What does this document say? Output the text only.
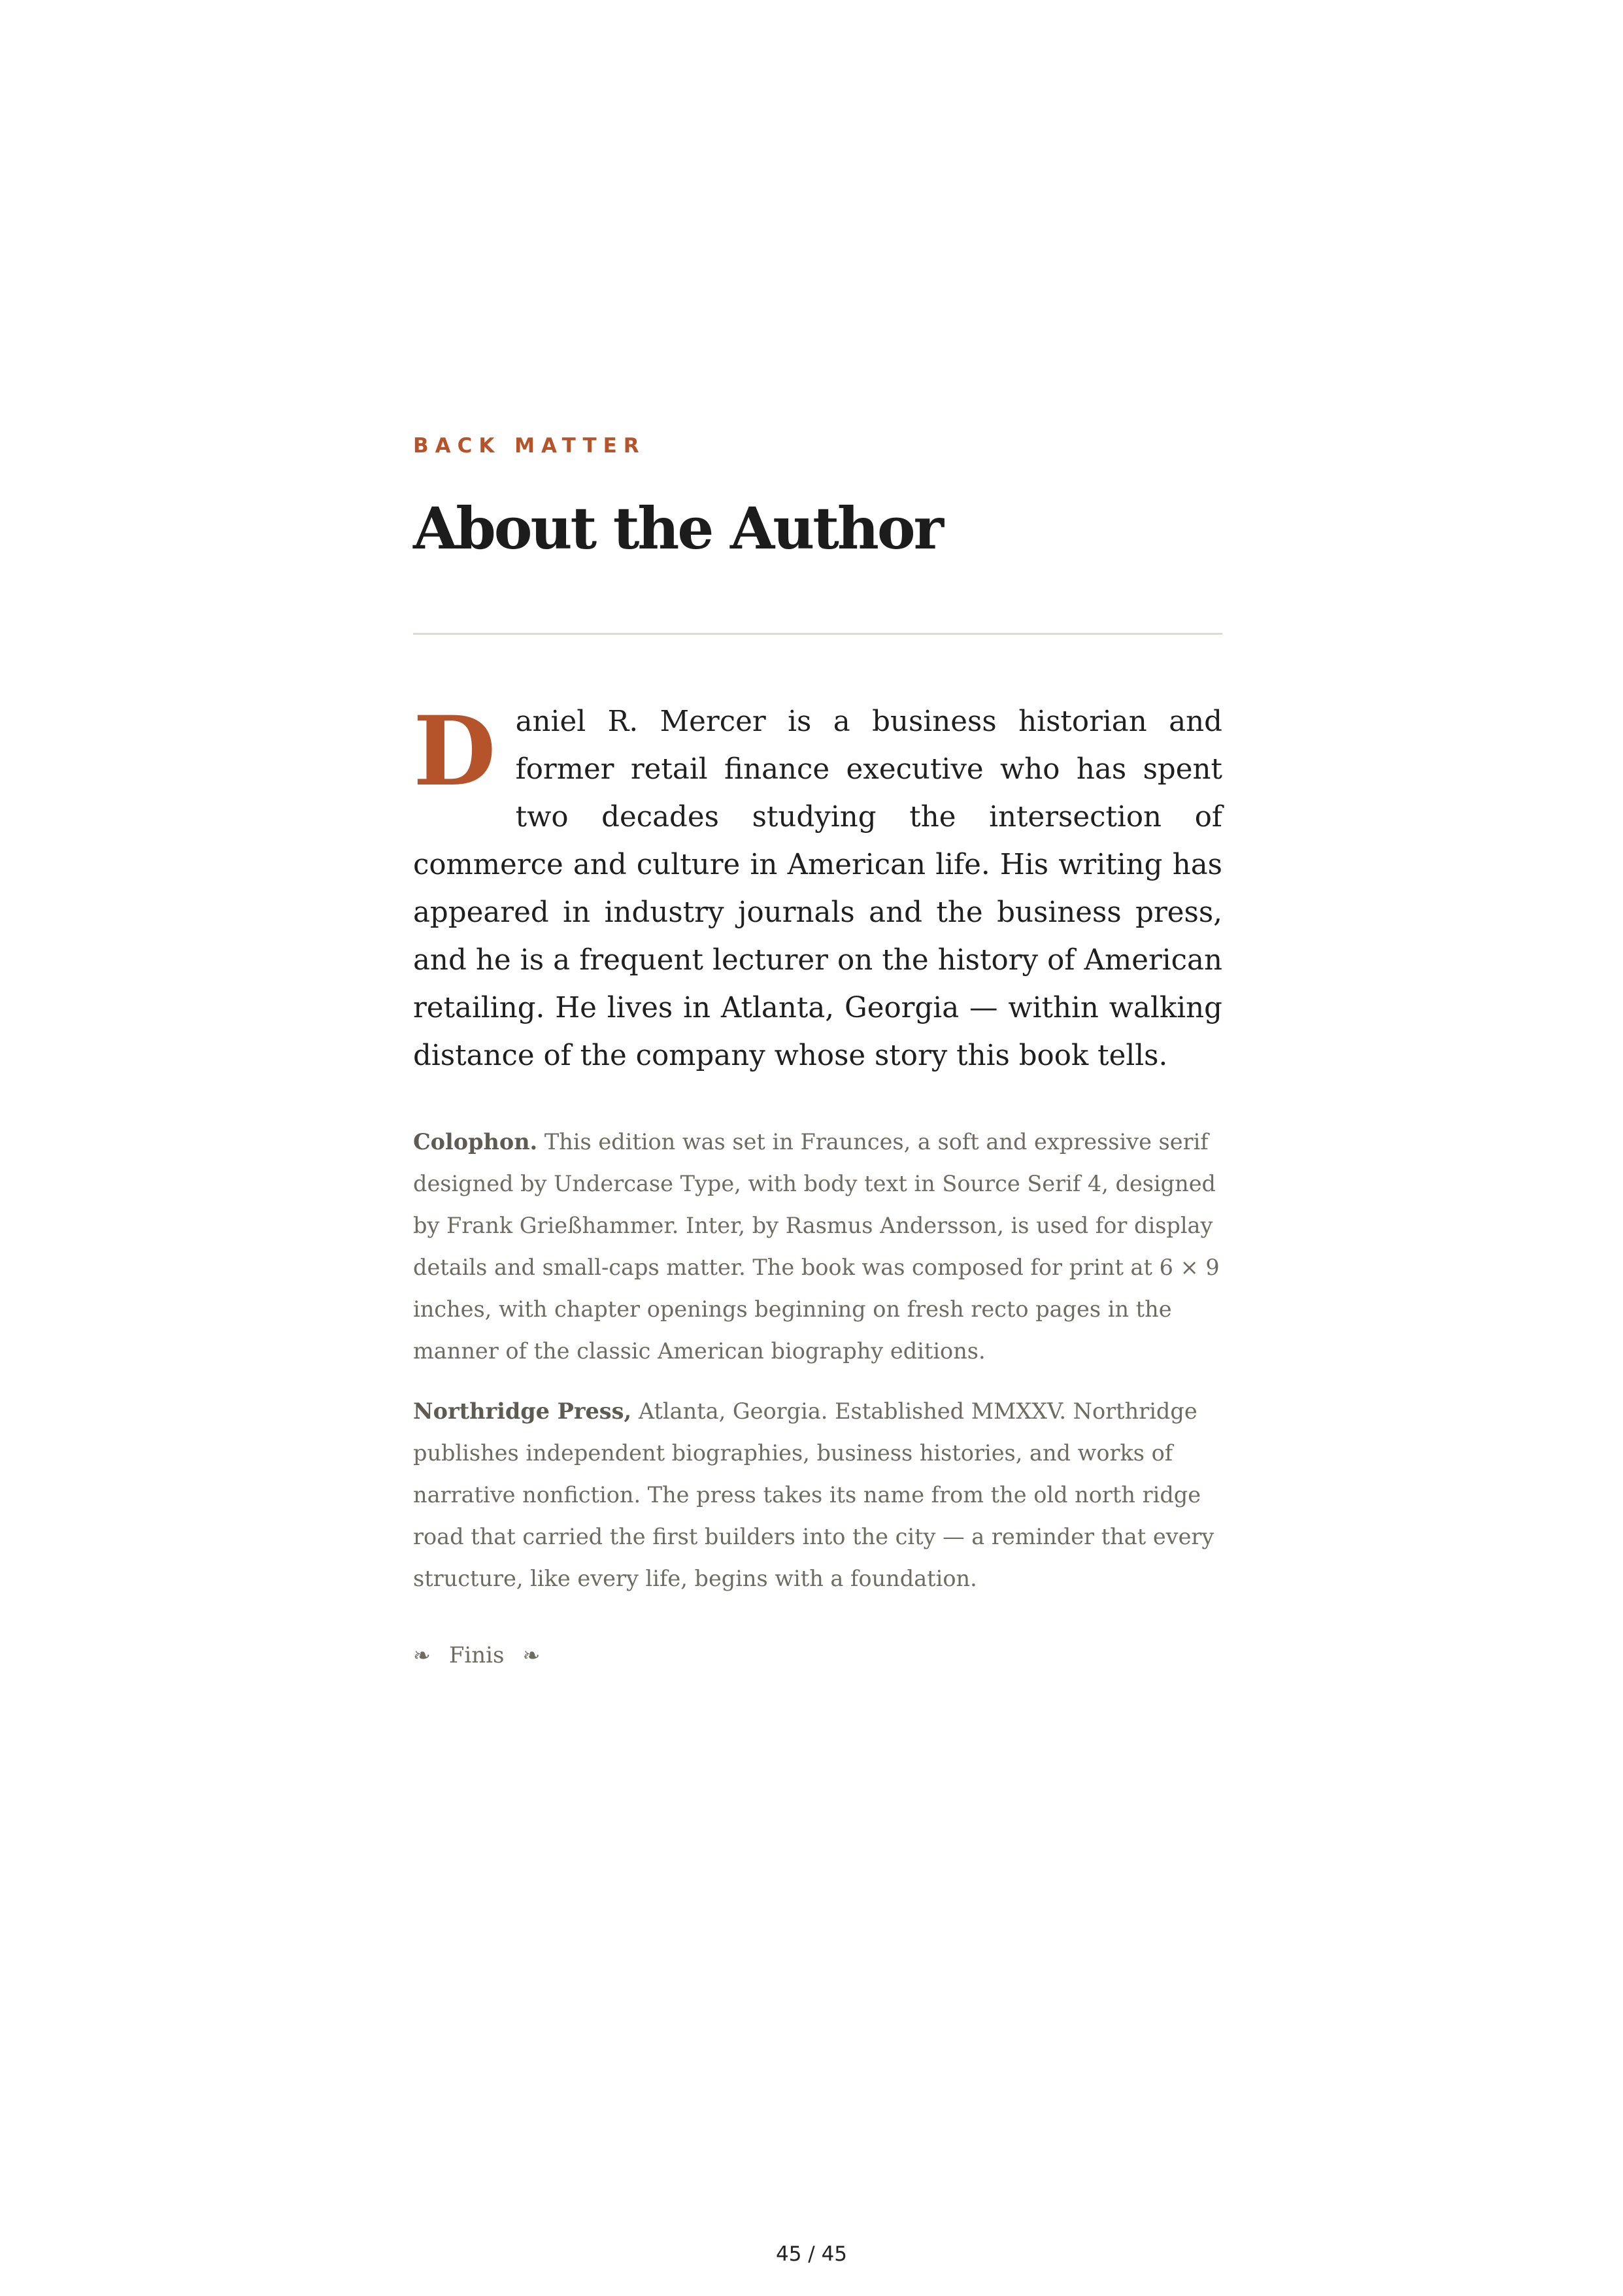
BACK MATTER
About the Author

Daniel R. Mercer is a business historian and former retail finance executive who has spent two decades studying the intersection of commerce and culture in American life. His writing has appeared in industry journals and the business press, and he is a frequent lecturer on the history of American retailing. He lives in Atlanta, Georgia — within walking distance of the company whose story this book tells.

Colophon. This edition was set in Fraunces, a soft and expressive serif designed by Undercase Type, with body text in Source Serif 4, designed by Frank Grießhammer. Inter, by Rasmus Andersson, is used for display details and small-caps matter. The book was composed for print at 6 × 9 inches, with chapter openings beginning on fresh recto pages in the manner of the classic American biography editions.

Northridge Press, Atlanta, Georgia. Established MMXXV. Northridge publishes independent biographies, business histories, and works of narrative nonfiction. The press takes its name from the old north ridge road that carried the first builders into the city — a reminder that every structure, like every life, begins with a foundation.

❧ Finis ❧
45 / 45
